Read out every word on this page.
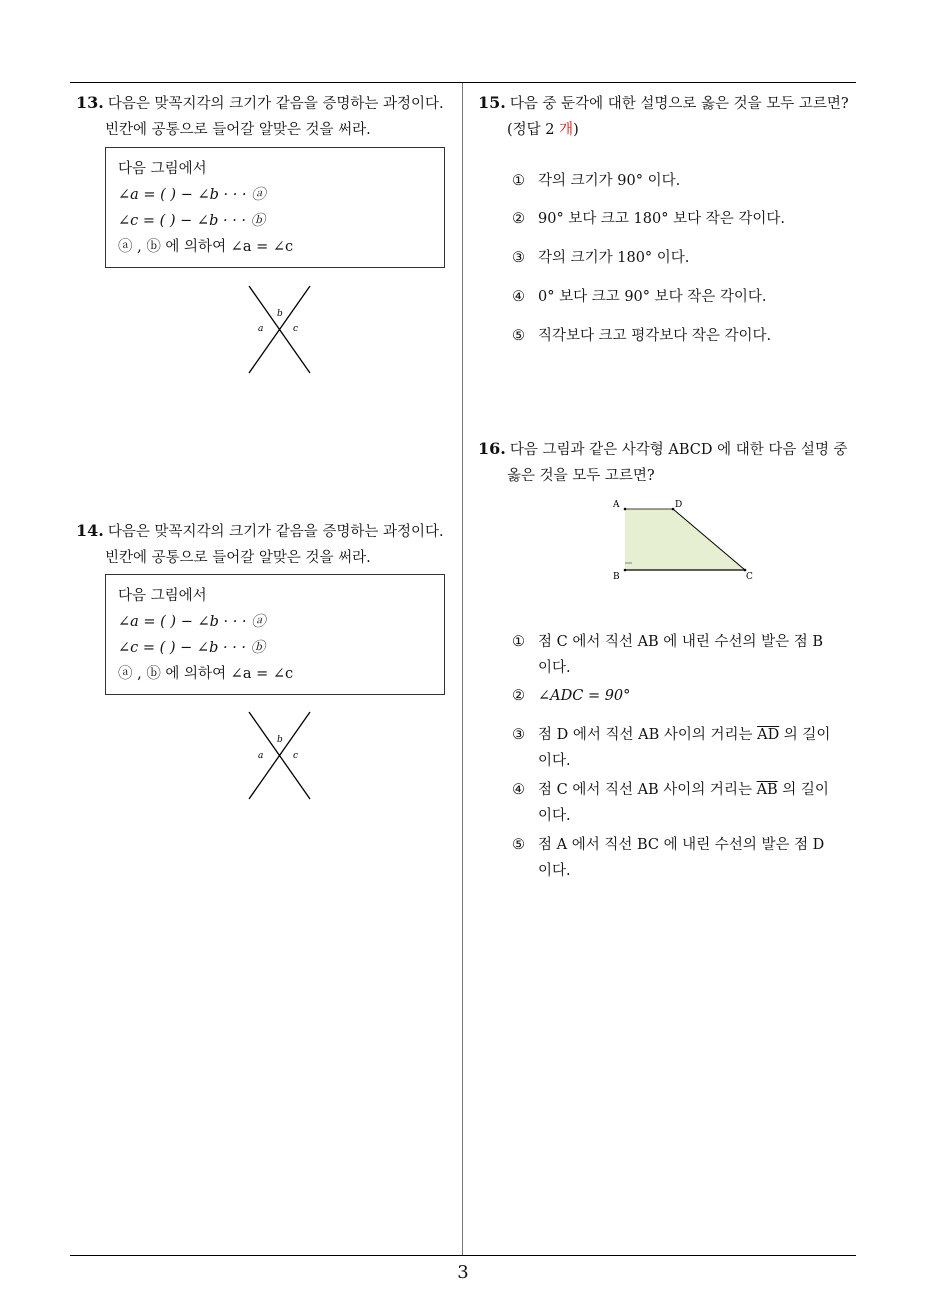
13. 다음은 맞꼭지각의 크기가 같음을 증명하는 과정이다.
빈칸에 공통으로 들어갈 알맞은 것을 써라.
다음 그림에서
∠a = ( ) − ∠b · · · ⓐ
∠c = ( ) − ∠b · · · ⓑ
ⓐ , ⓑ 에 의하여 ∠a = ∠c
a
b
c
14. 다음은 맞꼭지각의 크기가 같음을 증명하는 과정이다.
빈칸에 공통으로 들어갈 알맞은 것을 써라.
다음 그림에서
∠a = ( ) − ∠b · · · ⓐ
∠c = ( ) − ∠b · · · ⓑ
ⓐ , ⓑ 에 의하여 ∠a = ∠c
a
b
c
15. 다음 중 둔각에 대한 설명으로 옳은 것을 모두 고르면?
(정답 2 개)
① 각의 크기가 90° 이다.
② 90° 보다 크고 180° 보다 작은 각이다.
③ 각의 크기가 180° 이다.
④ 0° 보다 크고 90° 보다 작은 각이다.
⑤ 직각보다 크고 평각보다 작은 각이다.
16. 다음 그림과 같은 사각형 ABCD 에 대한 다음 설명 중
옳은 것을 모두 고르면?
A	D
B	C
① 점 C 에서 직선 AB 에 내린 수선의 발은 점 B
이다.
② ∠ADC = 90°
③ 점 D 에서 직선 AB 사이의 거리는 $\overline{AD}$ 의 길이
이다.
④ 점 C 에서 직선 AB 사이의 거리는 $\overline{AB}$ 의 길이
이다.
⑤ 점 A 에서 직선 BC 에 내린 수선의 발은 점 D
이다.
3
